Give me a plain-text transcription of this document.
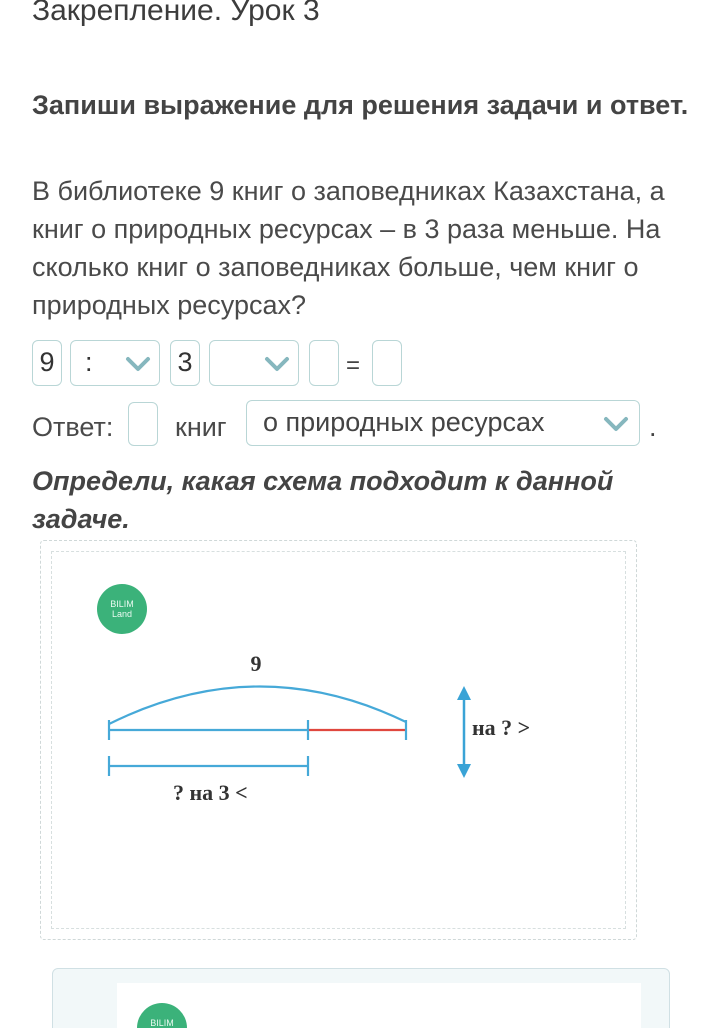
Закрепление. Урок 3
Запиши выражение для решения задачи и ответ.
В библиотеке 9 книг о заповедниках Казахстана, а книг о природных ресурсах – в 3 раза меньше. На сколько книг о заповедниках больше, чем книг о природных ресурсах?
9	:	3	=
Ответ: книг	о природных ресурсах	.
Определи, какая схема подходит к данной задаче.
BILIM
Land
9
? на 3 <
на ? >
BILIM
